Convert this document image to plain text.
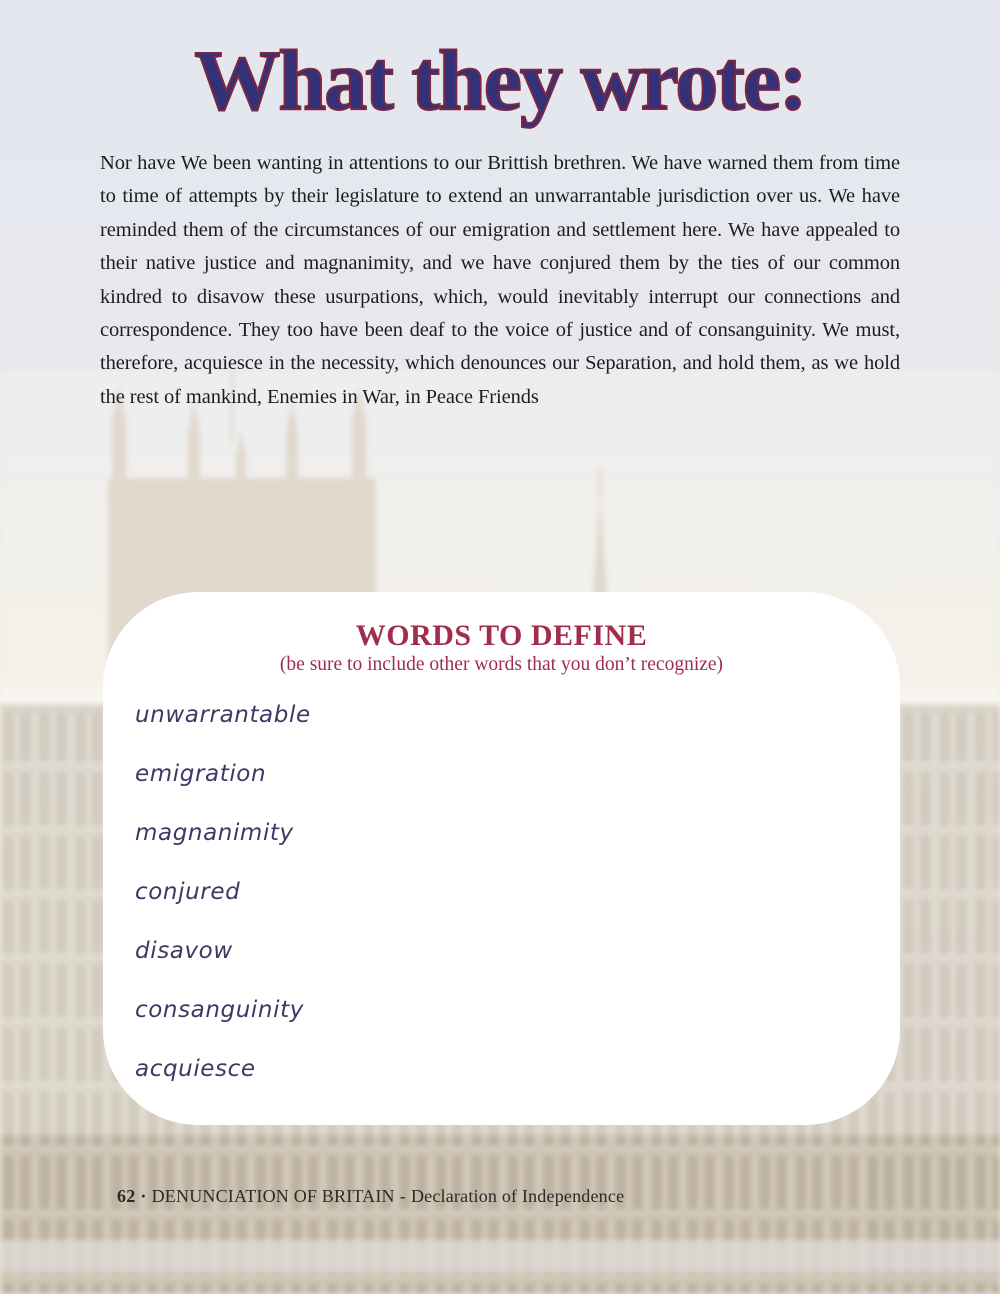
What they wrote:

Nor have We been wanting in attentions to our Brittish brethren. We have warned them from time to time of attempts by their legislature to extend an unwarrantable jurisdiction over us. We have reminded them of the circumstances of our emigration and settlement here. We have appealed to their native justice and magnanimity, and we have conjured them by the ties of our common kindred to disavow these usurpations, which, would inevitably interrupt our connections and correspondence. They too have been deaf to the voice of justice and of consanguinity. We must, therefore, acquiesce in the necessity, which denounces our Separation, and hold them, as we hold the rest of mankind, Enemies in War, in Peace Friends

WORDS TO DEFINE

(be sure to include other words that you don’t recognize)

unwarrantable
emigration
magnanimity
conjured
disavow
consanguinity
acquiesce
62 · DENUNCIATION OF BRITAIN - Declaration of Independence
